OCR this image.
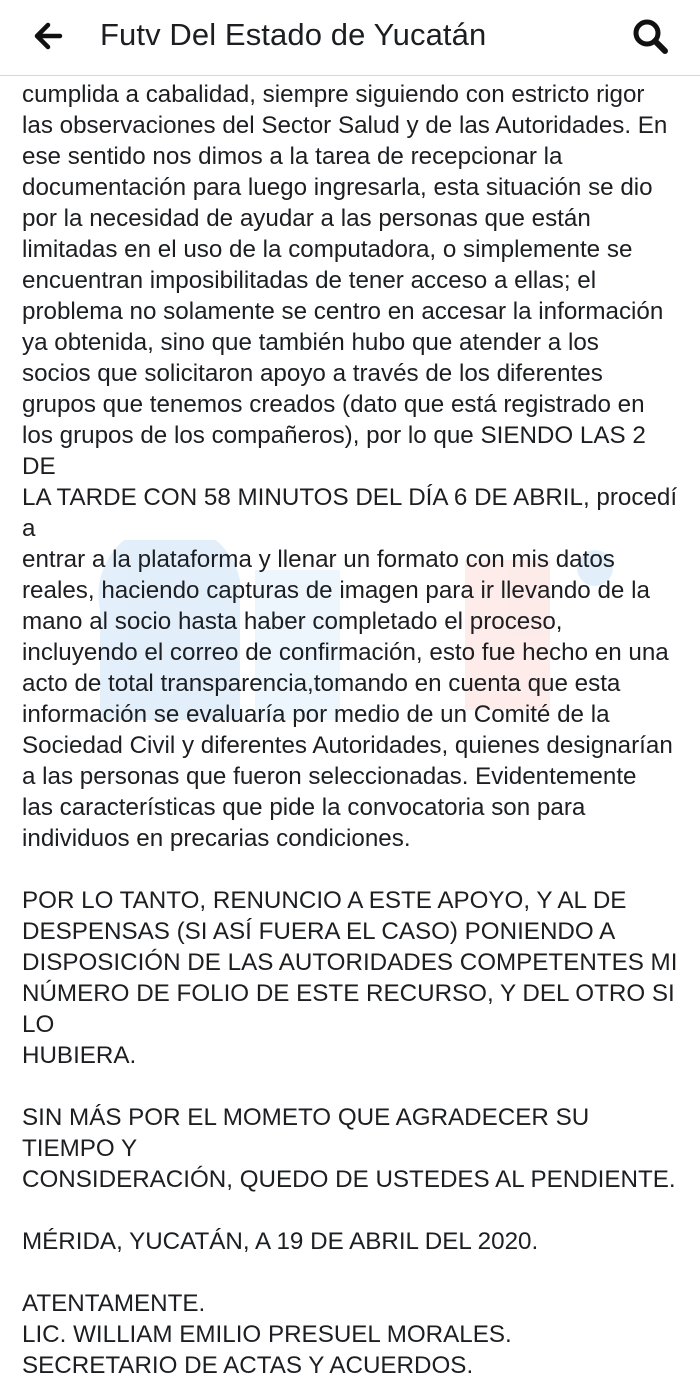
Futv Del Estado de Yucatán

cumplida a cabalidad, siempre siguiendo con estricto rigor
las observaciones del Sector Salud y de las Autoridades. En
ese sentido nos dimos a la tarea de recepcionar la
documentación para luego ingresarla, esta situación se dio
por la necesidad de ayudar a las personas que están
limitadas en el uso de la computadora, o simplemente se
encuentran imposibilitadas de tener acceso a ellas; el
problema no solamente se centro en accesar la información
ya obtenida, sino que también hubo que atender a los
socios que solicitaron apoyo a través de los diferentes
grupos que tenemos creados (dato que está registrado en
los grupos de los compañeros), por lo que SIENDO LAS 2 DE
LA TARDE CON 58 MINUTOS DEL DÍA 6 DE ABRIL, procedí a
entrar a la plataforma y llenar un formato con mis datos
reales, haciendo capturas de imagen para ir llevando de la
mano al socio hasta haber completado el proceso,
incluyendo el correo de confirmación, esto fue hecho en una
acto de total transparencia,tomando en cuenta que esta
información se evaluaría por medio de un Comité de la
Sociedad Civil y diferentes Autoridades, quienes designarían
a las personas que fueron seleccionadas. Evidentemente
las características que pide la convocatoria son para
individuos en precarias condiciones.

POR LO TANTO, RENUNCIO A ESTE APOYO, Y AL DE
DESPENSAS (SI ASÍ FUERA EL CASO) PONIENDO A
DISPOSICIÓN DE LAS AUTORIDADES COMPETENTES MI
NÚMERO DE FOLIO DE ESTE RECURSO, Y DEL OTRO SI LO
HUBIERA.

SIN MÁS POR EL MOMETO QUE AGRADECER SU TIEMPO Y
CONSIDERACIÓN, QUEDO DE USTEDES AL PENDIENTE.

MÉRIDA, YUCATÁN, A 19 DE ABRIL DEL 2020.

ATENTAMENTE.
LIC. WILLIAM EMILIO PRESUEL MORALES.
SECRETARIO DE ACTAS Y ACUERDOS.
